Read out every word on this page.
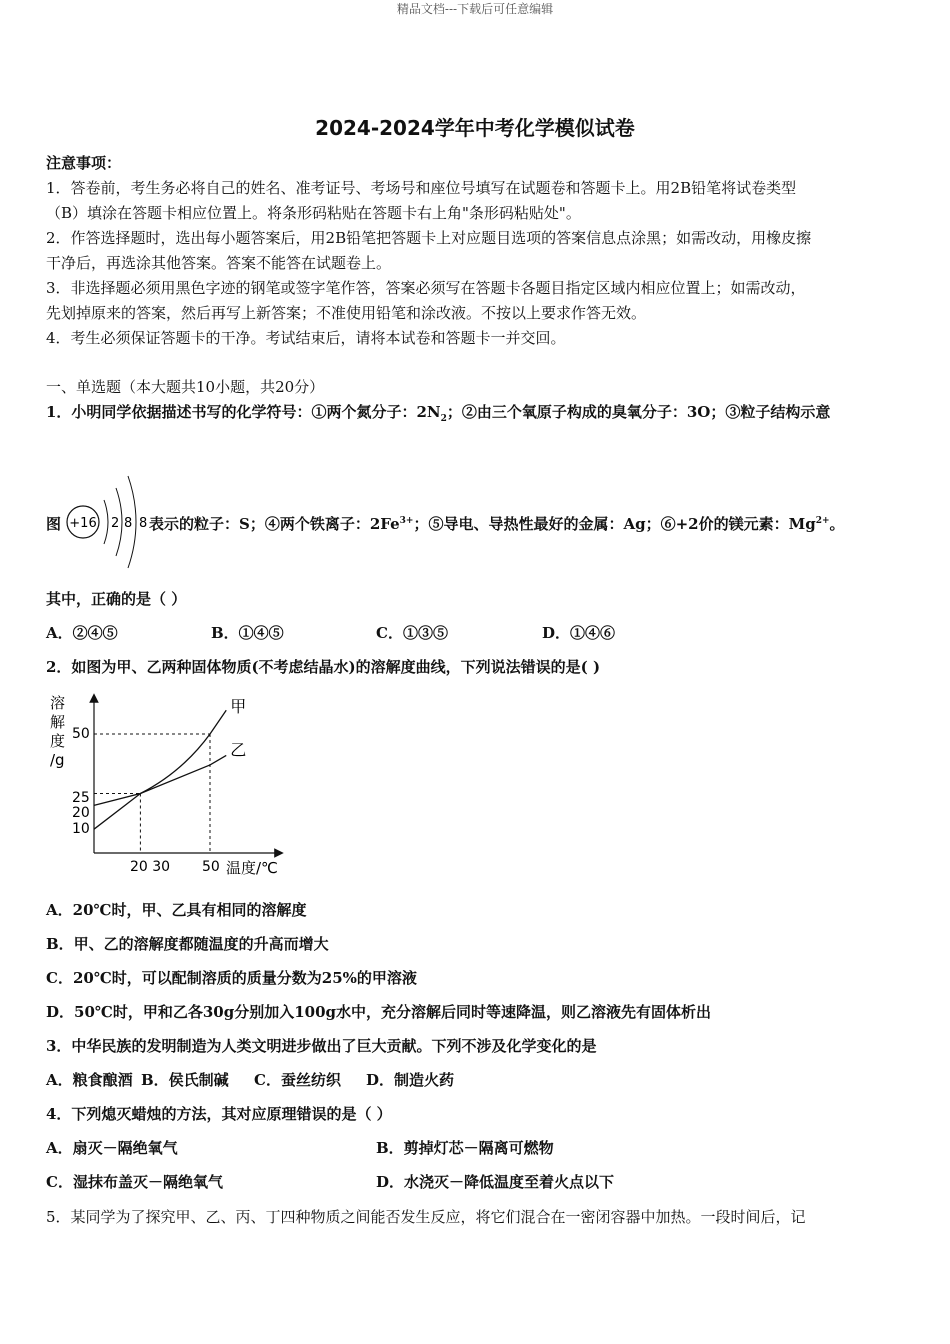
精品文档---下载后可任意编辑
2024-2024学年中考化学模似试卷
注意事项：
1．答卷前，考生务必将自己的姓名、准考证号、考场号和座位号填写在试题卷和答题卡上。用2B铅笔将试卷类型
（B）填涂在答题卡相应位置上。将条形码粘贴在答题卡右上角"条形码粘贴处"。
2．作答选择题时，选出每小题答案后，用2B铅笔把答题卡上对应题目选项的答案信息点涂黑；如需改动，用橡皮擦
干净后，再选涂其他答案。答案不能答在试题卷上。
3．非选择题必须用黑色字迹的钢笔或签字笔作答，答案必须写在答题卡各题目指定区域内相应位置上；如需改动，
先划掉原来的答案，然后再写上新答案；不准使用铅笔和涂改液。不按以上要求作答无效。
4．考生必须保证答题卡的干净。考试结束后，请将本试卷和答题卡一并交回。
一、单选题（本大题共10小题，共20分）
1．小明同学依据描述书写的化学符号：①两个氮分子：$2N_2$；②由三个氧原子构成的臭氧分子：3O；③粒子结构示意
图 +16 2 8 8 表示的粒子：S；④两个铁离子：$2Fe^{3+}$；⑤导电、导热性最好的金属：Ag；⑥+2价的镁元素：$Mg^{2+}$。
其中，正确的是（ ）
A．②④⑤	B．①④⑤	C．①③⑤	D．①④⑥
2．如图为甲、乙两种固体物质(不考虑结晶水)的溶解度曲线，下列说法错误的是( )
溶
解
度
/g
50
25
20
10
20 30 50 温度/℃
甲
乙
A．20℃时，甲、乙具有相同的溶解度
B．甲、乙的溶解度都随温度的升高而增大
C．20℃时，可以配制溶质的质量分数为25%的甲溶液
D．50℃时，甲和乙各30g分别加入100g水中，充分溶解后同时等速降温，则乙溶液先有固体析出
3．中华民族的发明制造为人类文明进步做出了巨大贡献。下列不涉及化学变化的是
A．粮食酿酒 B．侯氏制碱 C．蚕丝纺织 D．制造火药
4．下列熄灭蜡烛的方法，其对应原理错误的是（ ）
A．扇灭－隔绝氧气	B．剪掉灯芯－隔离可燃物
C．湿抹布盖灭－隔绝氧气	D．水浇灭－降低温度至着火点以下
5．某同学为了探究甲、乙、丙、丁四种物质之间能否发生反应，将它们混合在一密闭容器中加热。一段时间后，记
